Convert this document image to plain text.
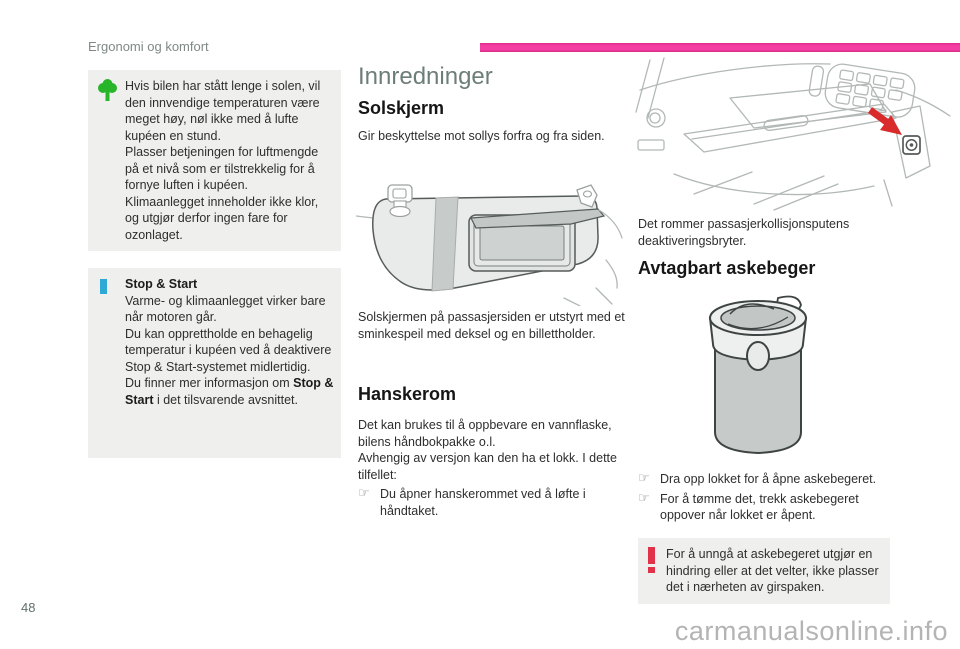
Ergonomi og komfort
Hvis bilen har stått lenge i solen, vil den innvendige temperaturen være meget høy, nøl ikke med å lufte kupéen en stund.
Plasser betjeningen for luftmengde på et nivå som er tilstrekkelig for å fornye luften i kupéen.
Klimaanlegget inneholder ikke klor, og utgjør derfor ingen fare for ozonlaget.
Stop & Start
Varme- og klimaanlegget virker bare når motoren går.
Du kan opprettholde en behagelig temperatur i kupéen ved å deaktivere Stop & Start-systemet midlertidig.
Du finner mer informasjon om Stop & Start i det tilsvarende avsnittet.
Innredninger
Solskjerm
Gir beskyttelse mot sollys forfra og fra siden.
Solskjermen på passasjersiden er utstyrt med et sminkespeil med deksel og en billettholder.
Hanskerom
Det kan brukes til å oppbevare en vannflaske, bilens håndbokpakke o.l.
Avhengig av versjon kan den ha et lokk. I dette tilfellet:
☞ Du åpner hanskerommet ved å løfte i håndtaket.
Det rommer passasjerkollisjonsputens deaktiveringsbryter.
Avtagbart askebeger
☞ Dra opp lokket for å åpne askebegeret.
☞ For å tømme det, trekk askebegeret oppover når lokket er åpent.
For å unngå at askebegeret utgjør en hindring eller at det velter, ikke plasser det i nærheten av girspaken.
48
carmanualsonline.info
